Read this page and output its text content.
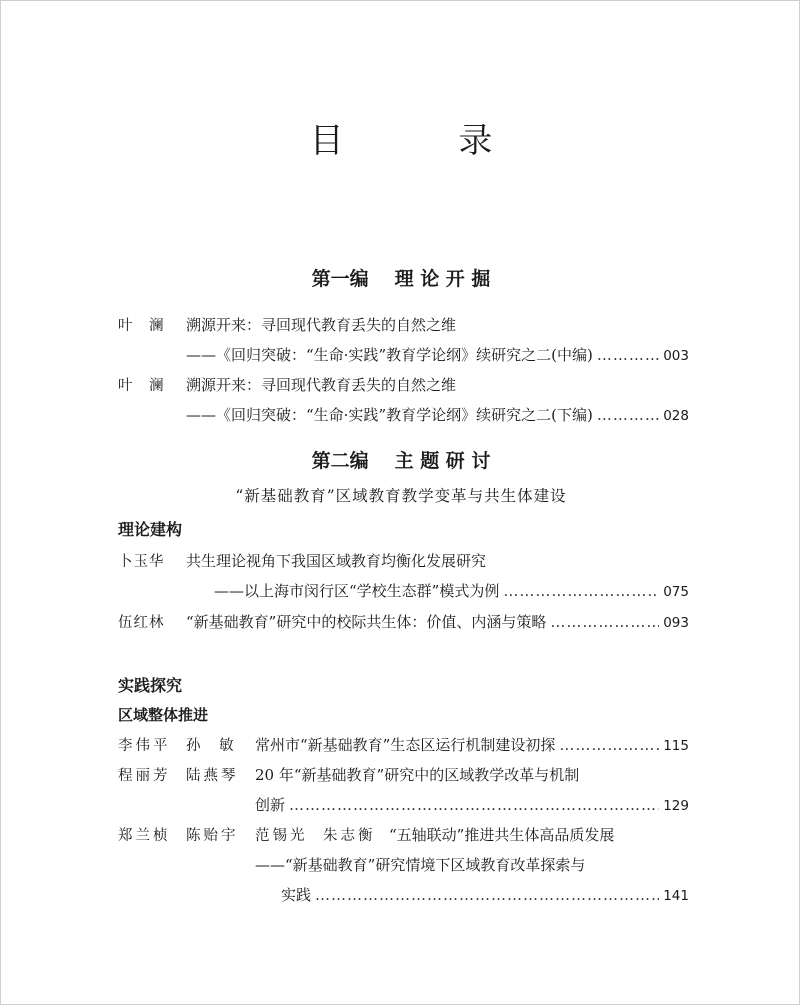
目 录
第一编 理 论 开 掘
叶 澜 溯源开来：寻回现代教育丢失的自然之维
——《回归突破：“生命·实践”教育学论纲》续研究之二(中编) ……………………………………………………………………………………………………………………………………	003
叶 澜 溯源开来：寻回现代教育丢失的自然之维
——《回归突破：“生命·实践”教育学论纲》续研究之二(下编) ……………………………………………………………………………………………………………………………………	028
第二编 主 题 研 讨
“新基础教育”区域教育教学变革与共生体建设
理论建构
卜玉华 共生理论视角下我国区域教育均衡化发展研究
——以上海市闵行区“学校生态群”模式为例 ……………………………………………………………………………………………………………………………………	075
伍红林 “新基础教育”研究中的校际共生体：价值、内涵与策略 ……………………………………………………………………………………………………………………………………	093
实践探究
区域整体推进
李伟平 孙 敏 常州市“新基础教育”生态区运行机制建设初探 ……………………………………………………………………………………………………………………………………	115
程丽芳 陆燕琴 20 年“新基础教育”研究中的区域教学改革与机制
创新 ……………………………………………………………………………………………………………………………………	129
郑兰桢 陈贻宇 范锡光 朱志衡 “五轴联动”推进共生体高品质发展
——“新基础教育”研究情境下区域教育改革探索与
实践 ……………………………………………………………………………………………………………………………………	141
